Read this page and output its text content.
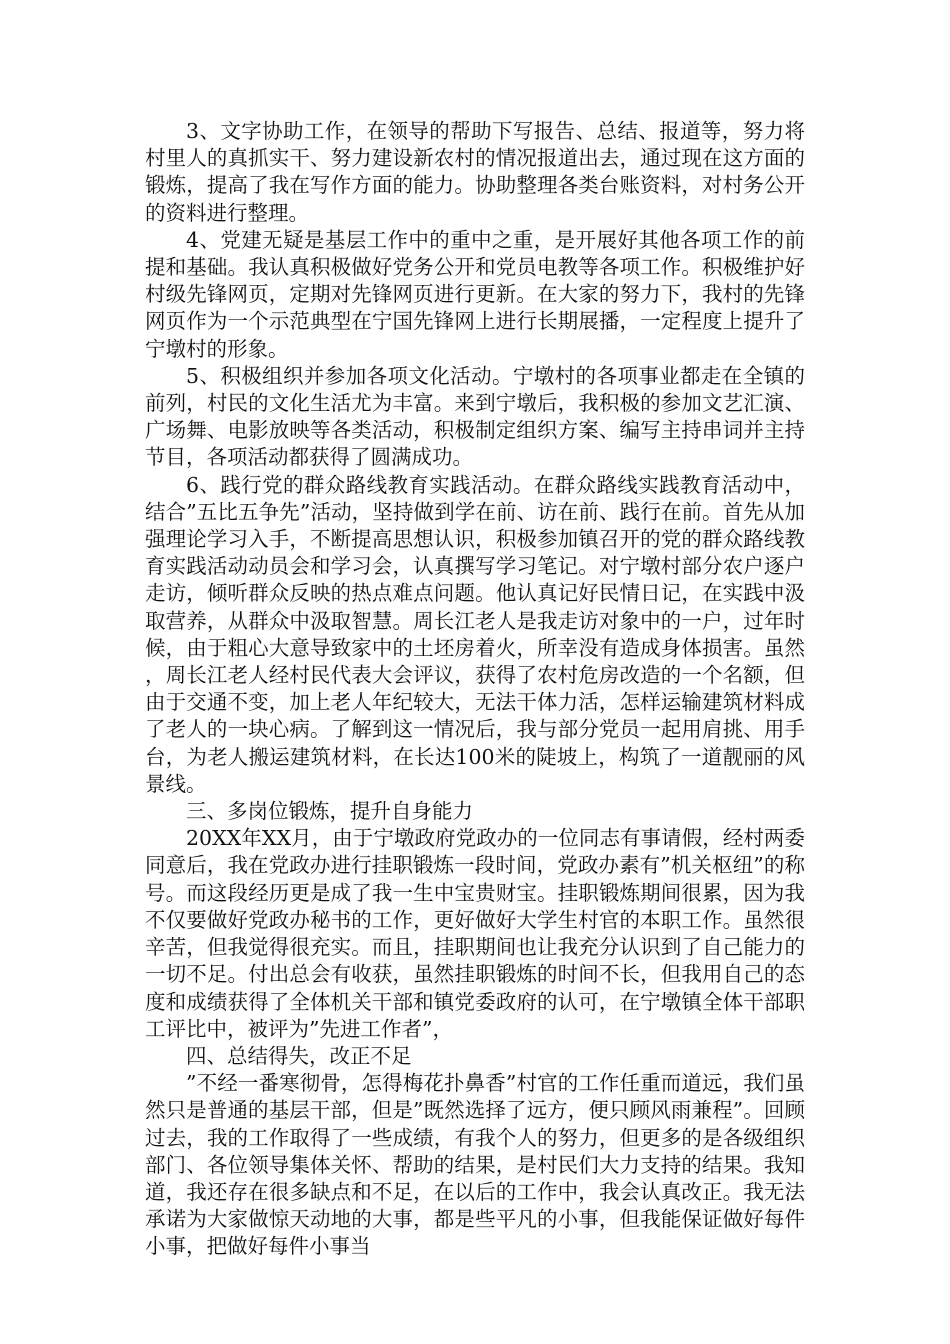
3、文字协助工作，在领导的帮助下写报告、总结、报道等，努力将村里人的真抓实干、努力建设新农村的情况报道出去，通过现在这方面的锻炼，提高了我在写作方面的能力。协助整理各类台账资料，对村务公开的资料进行整理。

4、党建无疑是基层工作中的重中之重，是开展好其他各项工作的前提和基础。我认真积极做好党务公开和党员电教等各项工作。积极维护好村级先锋网页，定期对先锋网页进行更新。在大家的努力下，我村的先锋网页作为一个示范典型在宁国先锋网上进行长期展播，一定程度上提升了宁墩村的形象。

5、积极组织并参加各项文化活动。宁墩村的各项事业都走在全镇的前列，村民的文化生活尤为丰富。来到宁墩后，我积极的参加文艺汇演、广场舞、电影放映等各类活动，积极制定组织方案、编写主持串词并主持节目，各项活动都获得了圆满成功。

6、践行党的群众路线教育实践活动。在群众路线实践教育活动中，结合”五比五争先”活动，坚持做到学在前、访在前、践行在前。首先从加强理论学习入手，不断提高思想认识，积极参加镇召开的党的群众路线教育实践活动动员会和学习会，认真撰写学习笔记。对宁墩村部分农户逐户走访，倾听群众反映的热点难点问题。他认真记好民情日记，在实践中汲取营养，从群众中汲取智慧。周长江老人是我走访对象中的一户，过年时候，由于粗心大意导致家中的土坯房着火，所幸没有造成身体损害。虽然，周长江老人经村民代表大会评议，获得了农村危房改造的一个名额，但由于交通不变，加上老人年纪较大，无法干体力活，怎样运输建筑材料成了老人的一块心病。了解到这一情况后，我与部分党员一起用肩挑、用手台，为老人搬运建筑材料，在长达100米的陡坡上，构筑了一道靓丽的风景线。

三、多岗位锻炼，提升自身能力

20XX年XX月，由于宁墩政府党政办的一位同志有事请假，经村两委同意后，我在党政办进行挂职锻炼一段时间，党政办素有”机关枢纽”的称号。而这段经历更是成了我一生中宝贵财宝。挂职锻炼期间很累，因为我不仅要做好党政办秘书的工作，更好做好大学生村官的本职工作。虽然很辛苦，但我觉得很充实。而且，挂职期间也让我充分认识到了自己能力的一切不足。付出总会有收获，虽然挂职锻炼的时间不长，但我用自己的态度和成绩获得了全体机关干部和镇党委政府的认可，在宁墩镇全体干部职工评比中，被评为”先进工作者”，

四、总结得失，改正不足

”不经一番寒彻骨，怎得梅花扑鼻香”村官的工作任重而道远，我们虽然只是普通的基层干部，但是”既然选择了远方，便只顾风雨兼程”。回顾过去，我的工作取得了一些成绩，有我个人的努力，但更多的是各级组织部门、各位领导集体关怀、帮助的结果，是村民们大力支持的结果。我知道，我还存在很多缺点和不足，在以后的工作中，我会认真改正。我无法承诺为大家做惊天动地的大事，都是些平凡的小事，但我能保证做好每件小事，把做好每件小事当
